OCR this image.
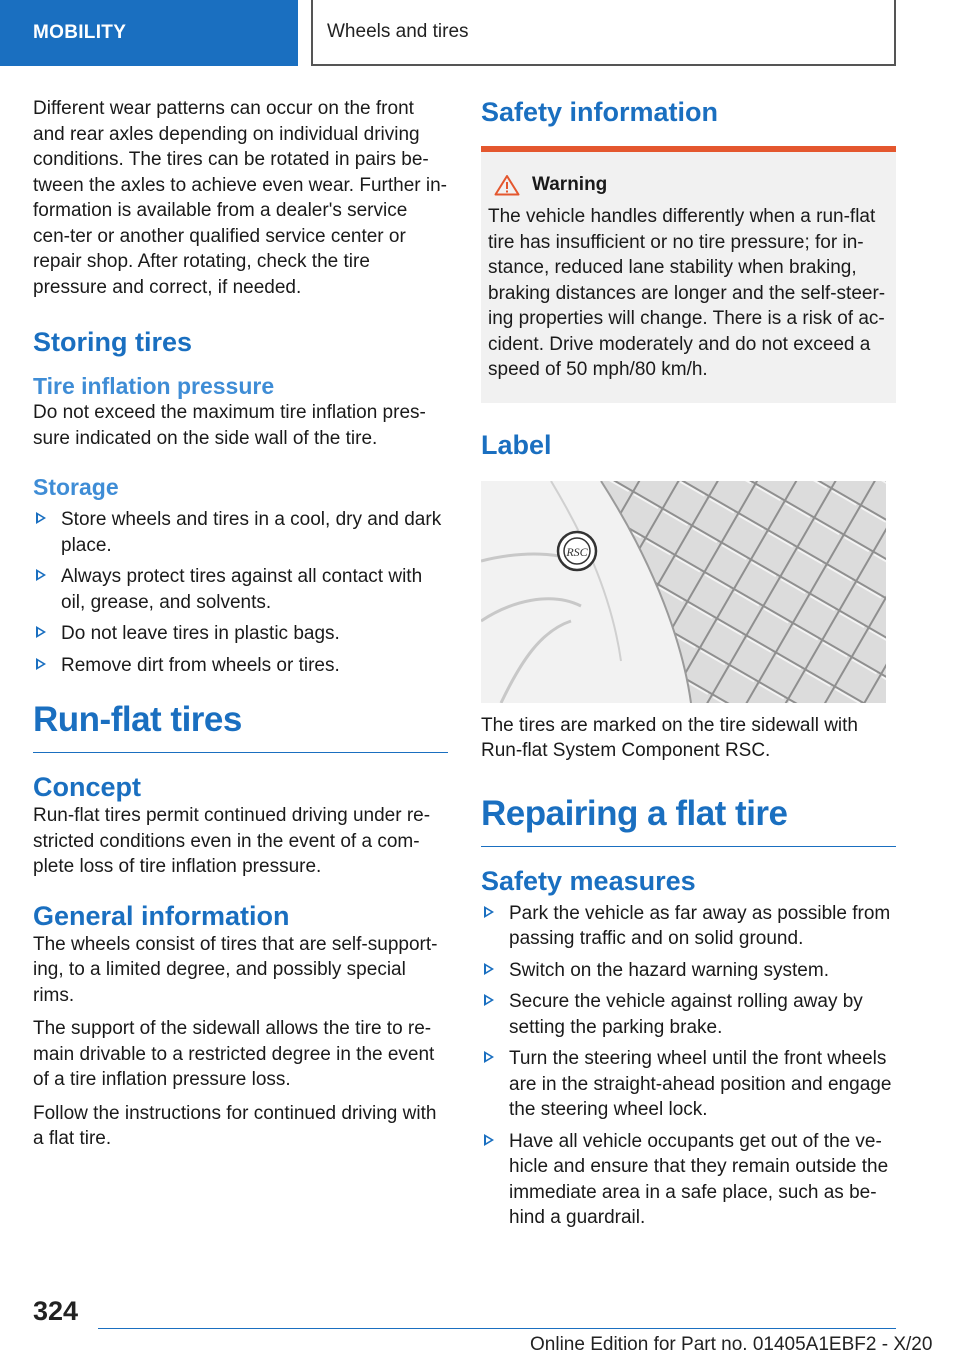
MOBILITY	Wheels and tires

Different wear patterns can occur on the front and rear axles depending on individual driving conditions. The tires can be rotated in pairs be-tween the axles to achieve even wear. Further in-formation is available from a dealer's service cen-ter or another qualified service center or repair shop. After rotating, check the tire pressure and correct, if needed.

Storing tires
Tire inflation pressure

Do not exceed the maximum tire inflation pres-sure indicated on the side wall of the tire.

Storage
Store wheels and tires in a cool, dry and dark place.
Always protect tires against all contact with oil, grease, and solvents.
Do not leave tires in plastic bags.
Remove dirt from wheels or tires.
Run-flat tires
Concept

Run-flat tires permit continued driving under re-stricted conditions even in the event of a com-plete loss of tire inflation pressure.

General information

The wheels consist of tires that are self-support-ing, to a limited degree, and possibly special rims.

The support of the sidewall allows the tire to re-main drivable to a restricted degree in the event of a tire inflation pressure loss.

Follow the instructions for continued driving with a flat tire.

Safety information
Warning

The vehicle handles differently when a run-flat tire has insufficient or no tire pressure; for in-stance, reduced lane stability when braking, braking distances are longer and the self-steer-ing properties will change. There is a risk of ac-cident. Drive moderately and do not exceed a speed of 50 mph/80 km/h.

Label
RSC

The tires are marked on the tire sidewall with Run-flat System Component RSC.

Repairing a flat tire
Safety measures
Park the vehicle as far away as possible from passing traffic and on solid ground.
Switch on the hazard warning system.
Secure the vehicle against rolling away by setting the parking brake.
Turn the steering wheel until the front wheels are in the straight-ahead position and engage the steering wheel lock.
Have all vehicle occupants get out of the ve-hicle and ensure that they remain outside the immediate area in a safe place, such as be-hind a guardrail.
324
Online Edition for Part no. 01405A1EBF2 - X/20
